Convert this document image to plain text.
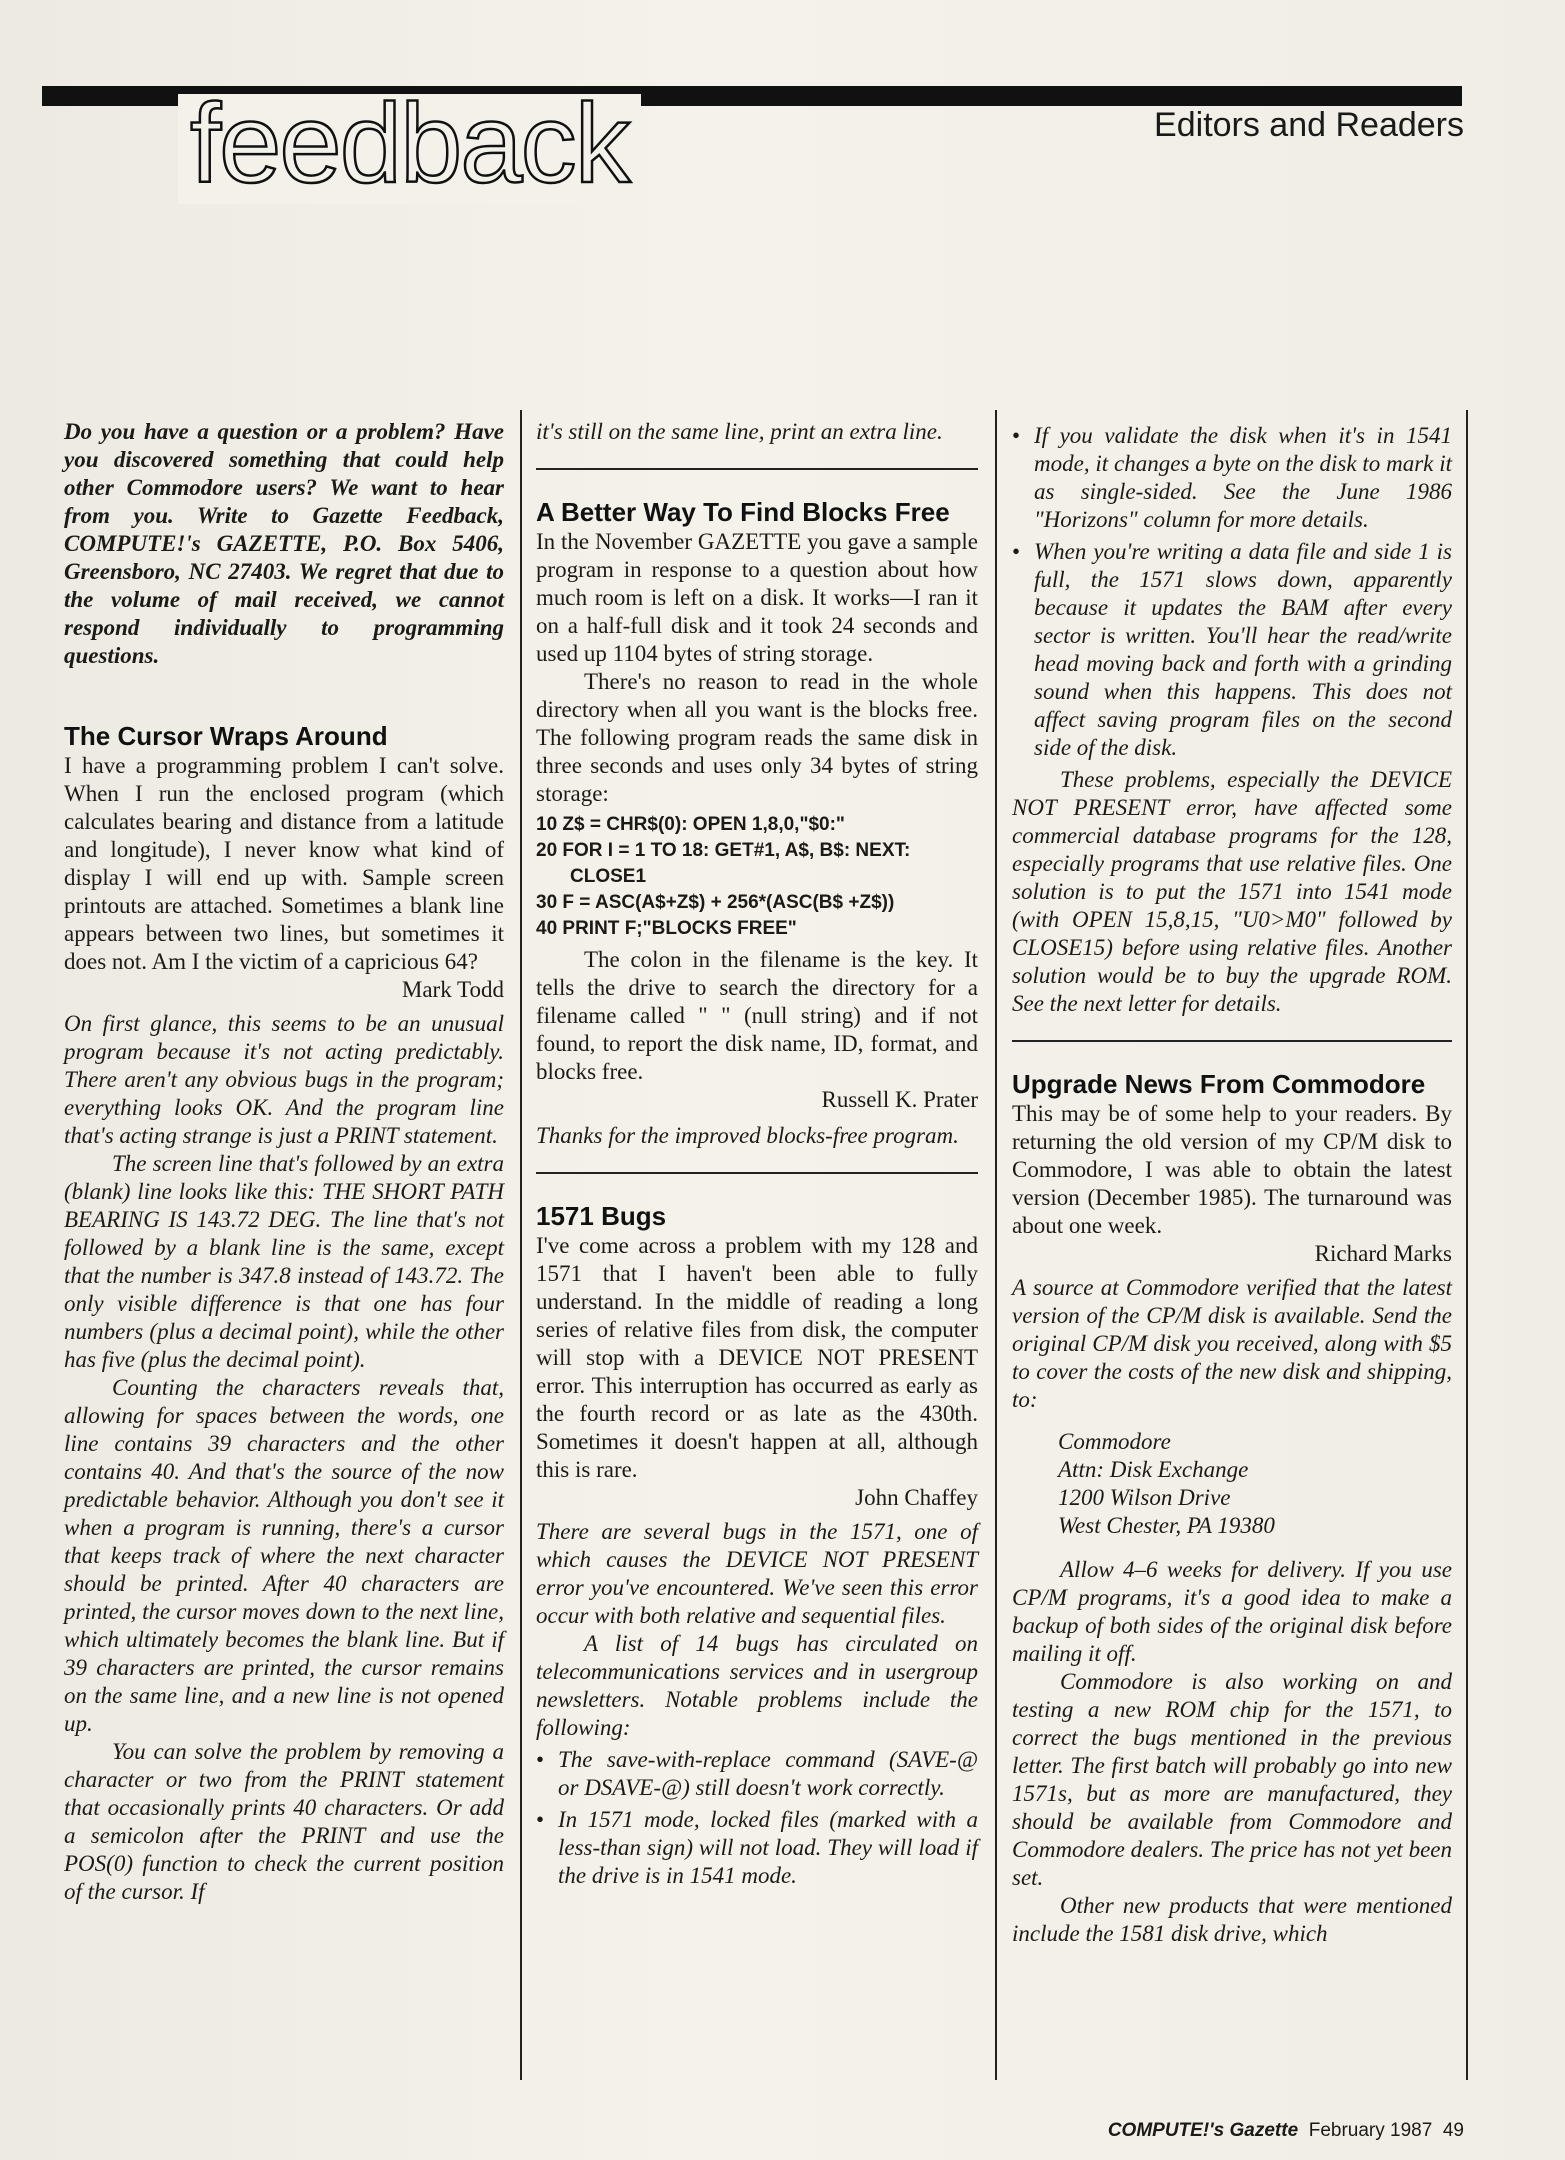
feedback	Editors and Readers

Do you have a question or a problem? Have you discovered something that could help other Commodore users? We want to hear from you. Write to Gazette Feedback, COMPUTE!'s GAZETTE, P.O. Box 5406, Greensboro, NC 27403. We regret that due to the volume of mail received, we cannot respond individually to programming questions.

The Cursor Wraps Around

I have a programming problem I can't solve. When I run the enclosed program (which calculates bearing and distance from a latitude and longitude), I never know what kind of display I will end up with. Sample screen printouts are attached. Sometimes a blank line appears between two lines, but sometimes it does not. Am I the victim of a capricious 64?

Mark Todd

On first glance, this seems to be an unusual program because it's not acting predictably. There aren't any obvious bugs in the program; everything looks OK. And the program line that's acting strange is just a PRINT statement.

The screen line that's followed by an extra (blank) line looks like this: THE SHORT PATH BEARING IS 143.72 DEG. The line that's not followed by a blank line is the same, except that the number is 347.8 instead of 143.72. The only visible difference is that one has four numbers (plus a decimal point), while the other has five (plus the decimal point).

Counting the characters reveals that, allowing for spaces between the words, one line contains 39 characters and the other contains 40. And that's the source of the now predictable behavior. Although you don't see it when a program is running, there's a cursor that keeps track of where the next character should be printed. After 40 characters are printed, the cursor moves down to the next line, which ultimately becomes the blank line. But if 39 characters are printed, the cursor remains on the same line, and a new line is not opened up.

You can solve the problem by removing a character or two from the PRINT statement that occasionally prints 40 characters. Or add a semicolon after the PRINT and use the POS(0) function to check the current position of the cursor. If

it's still on the same line, print an extra line.

A Better Way To Find Blocks Free

In the November GAZETTE you gave a sample program in response to a question about how much room is left on a disk. It works—I ran it on a half-full disk and it took 24 seconds and used up 1104 bytes of string storage.

There's no reason to read in the whole directory when all you want is the blocks free. The following program reads the same disk in three seconds and uses only 34 bytes of string storage:

10 Z$ = CHR$(0): OPEN 1,8,0,"$0:"
20 FOR I = 1 TO 18: GET#1, A$, B$: NEXT: CLOSE1
30 F = ASC(A$+Z$) + 256*(ASC(B$ +Z$))
40 PRINT F;"BLOCKS FREE"

The colon in the filename is the key. It tells the drive to search the directory for a filename called " " (null string) and if not found, to report the disk name, ID, format, and blocks free.

Russell K. Prater

Thanks for the improved blocks-free program.

1571 Bugs

I've come across a problem with my 128 and 1571 that I haven't been able to fully understand. In the middle of reading a long series of relative files from disk, the computer will stop with a DEVICE NOT PRESENT error. This interruption has occurred as early as the fourth record or as late as the 430th. Sometimes it doesn't happen at all, although this is rare.

John Chaffey

There are several bugs in the 1571, one of which causes the DEVICE NOT PRESENT error you've encountered. We've seen this error occur with both relative and sequential files.

A list of 14 bugs has circulated on telecommunications services and in usergroup newsletters. Notable problems include the following:

• The save-with-replace command (SAVE-@ or DSAVE-@) still doesn't work correctly.
• In 1571 mode, locked files (marked with a less-than sign) will not load. They will load if the drive is in 1541 mode.
• If you validate the disk when it's in 1541 mode, it changes a byte on the disk to mark it as single-sided. See the June 1986 "Horizons" column for more details.
• When you're writing a data file and side 1 is full, the 1571 slows down, apparently because it updates the BAM after every sector is written. You'll hear the read/write head moving back and forth with a grinding sound when this happens. This does not affect saving program files on the second side of the disk.

These problems, especially the DEVICE NOT PRESENT error, have affected some commercial database programs for the 128, especially programs that use relative files. One solution is to put the 1571 into 1541 mode (with OPEN 15,8,15, "U0>M0" followed by CLOSE15) before using relative files. Another solution would be to buy the upgrade ROM. See the next letter for details.

Upgrade News From Commodore

This may be of some help to your readers. By returning the old version of my CP/M disk to Commodore, I was able to obtain the latest version (December 1985). The turnaround was about one week.

Richard Marks

A source at Commodore verified that the latest version of the CP/M disk is available. Send the original CP/M disk you received, along with $5 to cover the costs of the new disk and shipping, to:

Commodore
Attn: Disk Exchange
1200 Wilson Drive
West Chester, PA 19380

Allow 4–6 weeks for delivery. If you use CP/M programs, it's a good idea to make a backup of both sides of the original disk before mailing it off.

Commodore is also working on and testing a new ROM chip for the 1571, to correct the bugs mentioned in the previous letter. The first batch will probably go into new 1571s, but as more are manufactured, they should be available from Commodore and Commodore dealers. The price has not yet been set.

Other new products that were mentioned include the 1581 disk drive, which

COMPUTE!'s Gazette February 1987 49
